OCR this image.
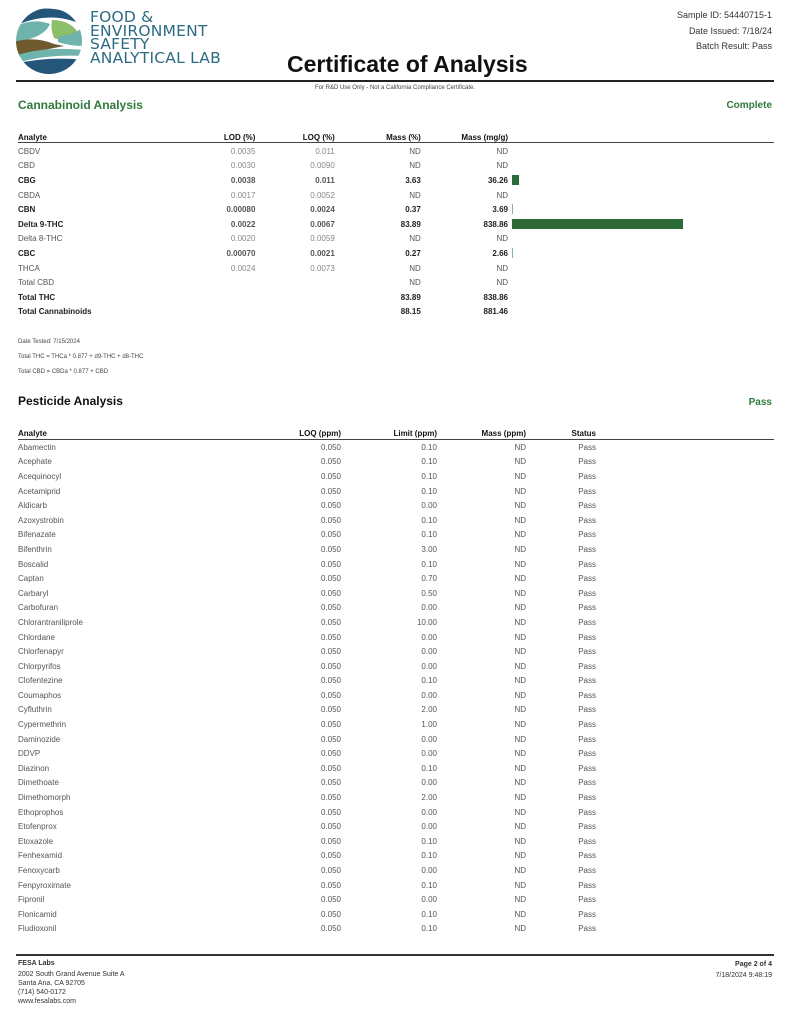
FOOD &
ENVIRONMENT
SAFETY
ANALYTICAL LAB	Certificate of Analysis
Sample ID: 54440715-1
Date Issued: 7/18/24
Batch Result: Pass
For R&D Use Only - Not a California Compliance Certificate.
Cannabinoid Analysis	Complete
Analyte	LOD (%)	LOQ (%)	Mass (%)	Mass (mg/g)
CBDV	0.0035	0.011	ND	ND
CBD	0.0030	0.0090	ND	ND
CBG	0.0038	0.011	3.63	36.26
CBDA	0.0017	0.0052	ND	ND
CBN	0.00080	0.0024	0.37	3.69
Delta 9-THC	0.0022	0.0067	83.89	838.86
Delta 8-THC	0.0020	0.0059	ND	ND
CBC	0.00070	0.0021	0.27	2.66
THCA	0.0024	0.0073	ND	ND
Total CBD			ND	ND
Total THC			83.89	838.86
Total Cannabinoids			88.15	881.46
Date Tested: 7/15/2024
Total THC = THCa * 0.877 + d9-THC + d8-THC
Total CBD = CBDa * 0.877 + CBD
Pesticide Analysis	Pass
Analyte	LOQ (ppm)	Limit (ppm)	Mass (ppm)	Status
Abamectin	0.050	0.10	ND	Pass
Acephate	0.050	0.10	ND	Pass
Acequinocyl	0.050	0.10	ND	Pass
Acetamiprid	0.050	0.10	ND	Pass
Aldicarb	0.050	0.00	ND	Pass
Azoxystrobin	0.050	0.10	ND	Pass
Bifenazate	0.050	0.10	ND	Pass
Bifenthrin	0.050	3.00	ND	Pass
Boscalid	0.050	0.10	ND	Pass
Captan	0.050	0.70	ND	Pass
Carbaryl	0.050	0.50	ND	Pass
Carbofuran	0.050	0.00	ND	Pass
Chlorantraniliprole	0.050	10.00	ND	Pass
Chlordane	0.050	0.00	ND	Pass
Chlorfenapyr	0.050	0.00	ND	Pass
Chlorpyrifos	0.050	0.00	ND	Pass
Clofentezine	0.050	0.10	ND	Pass
Coumaphos	0.050	0.00	ND	Pass
Cyfluthrin	0.050	2.00	ND	Pass
Cypermethrin	0.050	1.00	ND	Pass
Daminozide	0.050	0.00	ND	Pass
DDVP	0.050	0.00	ND	Pass
Diazinon	0.050	0.10	ND	Pass
Dimethoate	0.050	0.00	ND	Pass
Dimethomorph	0.050	2.00	ND	Pass
Ethoprophos	0.050	0.00	ND	Pass
Etofenprox	0.050	0.00	ND	Pass
Etoxazole	0.050	0.10	ND	Pass
Fenhexamid	0.050	0.10	ND	Pass
Fenoxycarb	0.050	0.00	ND	Pass
Fenpyroximate	0.050	0.10	ND	Pass
Fipronil	0.050	0.00	ND	Pass
Flonicamid	0.050	0.10	ND	Pass
Fludioxonil	0.050	0.10	ND	Pass
FESA Labs
2002 South Grand Avenue Suite A
Santa Ana, CA 92705
(714) 540-0172
www.fesalabs.com
Page 2 of 4
7/18/2024 9:48:19
